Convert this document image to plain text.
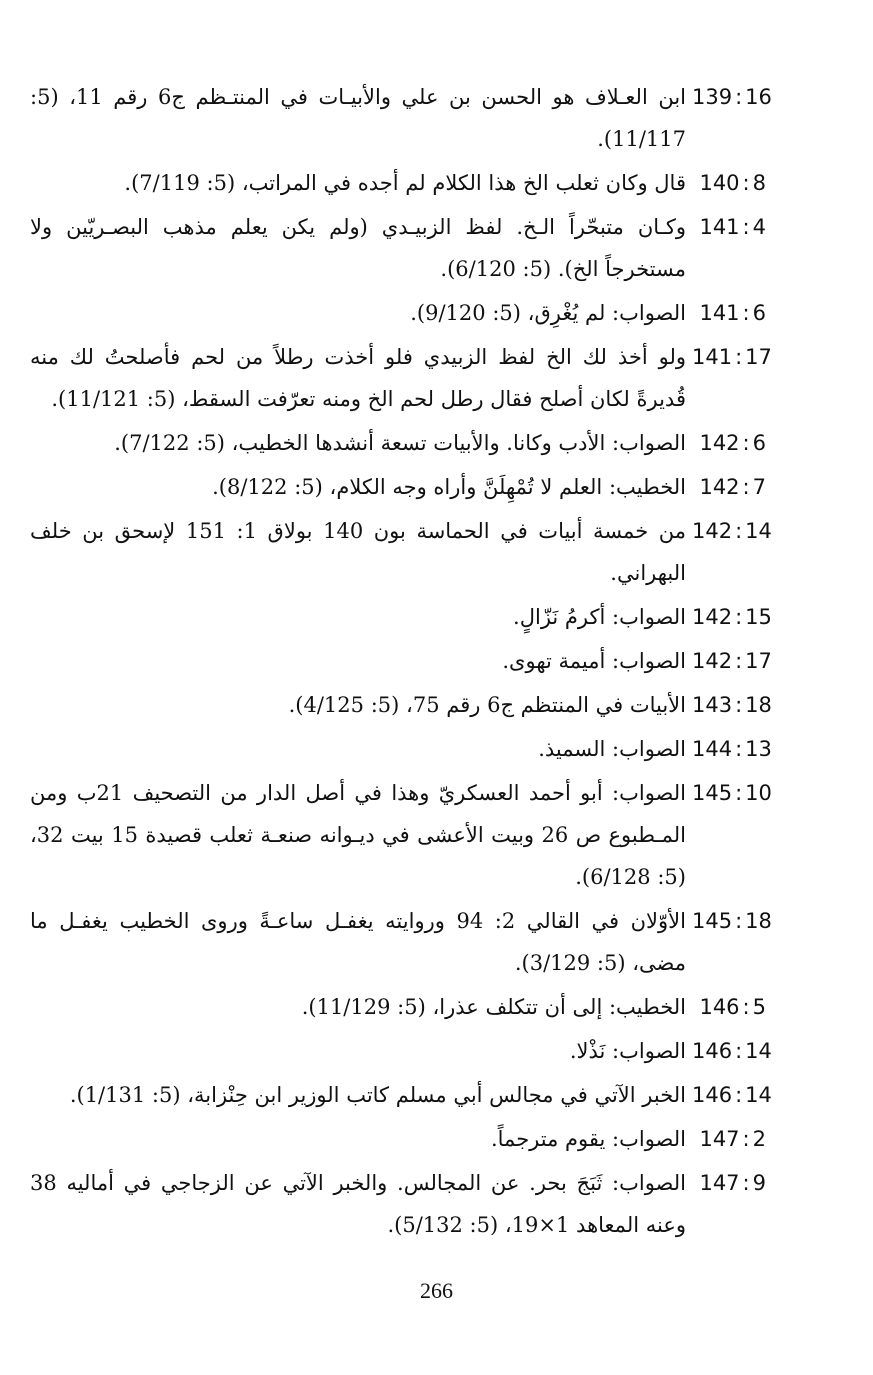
139 : 16
ابن العـلاف هو الحسن بن علي والأبيـات في المنتـظم ج6 رقم 11، (5: 11/117).
140 : 8
قال وكان ثعلب الخ هذا الكلام لم أجده في المراتب، (5: 7/119).
141 : 4
وكـان متبحّراً الـخ. لفظ الزبيـدي (ولم يكن يعلم مذهب البصـريّين ولا مستخرجاً الخ). (5: 6/120).
141 : 6
الصواب: لم يُغْرِق، (5: 9/120).
141 : 17
ولو أخذ لك الخ لفظ الزبيدي فلو أخذت رطلاً من لحم فأصلحتُ لك منه قُديرةً لكان أصلح فقال رطل لحم الخ ومنه تعرّفت السقط، (5: 11/121).
142 : 6
الصواب: الأدب وكانا. والأبيات تسعة أنشدها الخطيب، (5: 7/122).
142 : 7
الخطيب: العلم لا تُمْهِلَنَّ وأراه وجه الكلام، (5: 8/122).
142 : 14
من خمسة أبيات في الحماسة بون 140 بولاق 1: 151 لإسحق بن خلف البهراني.
142 : 15
الصواب: أكرمُ نَزّالٍ.
142 : 17
الصواب: أميمة تهوى.
143 : 18
الأبيات في المنتظم ج6 رقم 75، (5: 4/125).
144 : 13
الصواب: السميذ.
145 : 10
الصواب: أبو أحمد العسكريّ وهذا في أصل الدار من التصحيف 21ب ومن المـطبوع ص 26 وبيت الأعشى في ديـوانه صنعـة ثعلب قصيدة 15 بيت 32، (5: 6/128).
145 : 18
الأوّلان في القالي 2: 94 وروايته يغفـل ساعـةً وروى الخطيب يغفـل ما مضى، (5: 3/129).
146 : 5
الخطيب: إلى أن تتكلف عذرا، (5: 11/129).
146 : 14
الصواب: نَذْلا.
146 : 14
الخبر الآتي في مجالس أبي مسلم كاتب الوزير ابن حِنْزابة، (5: 1/131).
147 : 2
الصواب: يقوم مترجماً.
147 : 9
الصواب: ثَبَجَ بحر. عن المجالس. والخبر الآتي عن الزجاجي في أماليه 38 وعنه المعاهد 1×19، (5: 5/132).
266
